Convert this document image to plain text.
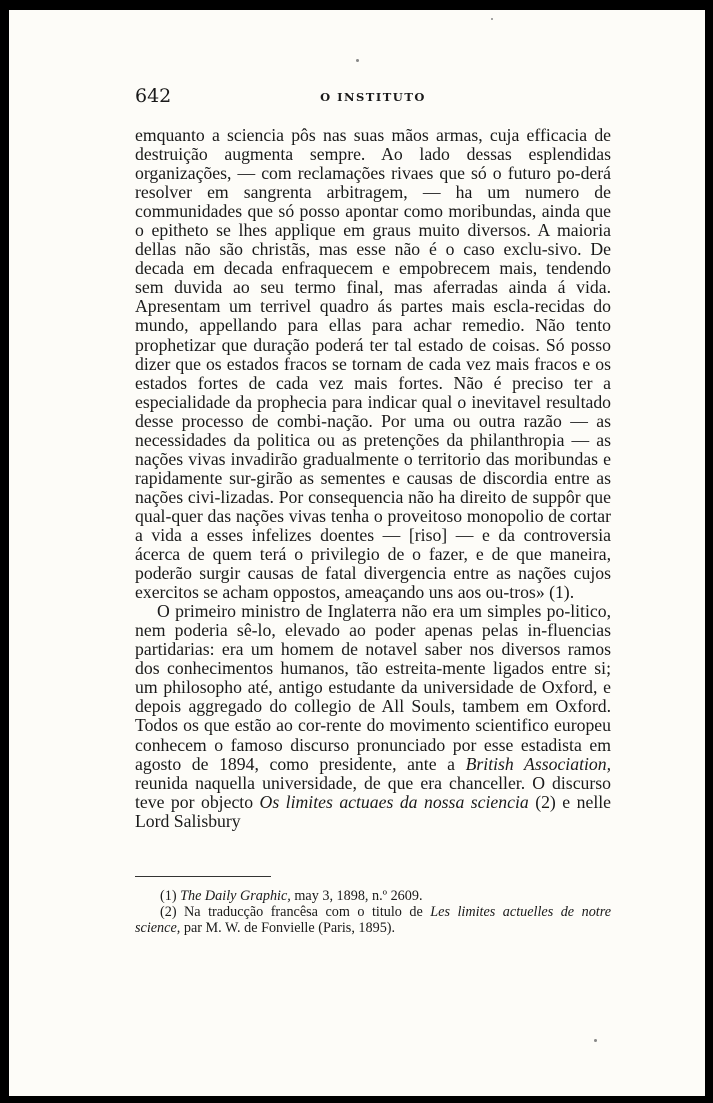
642	O INSTITUTO

emquanto a sciencia pôs nas suas mãos armas, cuja efficacia de destruição augmenta sempre. Ao lado dessas esplendidas organizações, — com reclamações rivaes que só o futuro po-derá resolver em sangrenta arbitragem, — ha um numero de communidades que só posso apontar como moribundas, ainda que o epitheto se lhes applique em graus muito diversos. A maioria dellas não são christãs, mas esse não é o caso exclu-sivo. De decada em decada enfraquecem e empobrecem mais, tendendo sem duvida ao seu termo final, mas aferradas ainda á vida. Apresentam um terrivel quadro ás partes mais escla-recidas do mundo, appellando para ellas para achar remedio. Não tento prophetizar que duração poderá ter tal estado de coisas. Só posso dizer que os estados fracos se tornam de cada vez mais fracos e os estados fortes de cada vez mais fortes. Não é preciso ter a especialidade da prophecia para indicar qual o inevitavel resultado desse processo de combi-nação. Por uma ou outra razão — as necessidades da politica ou as pretenções da philanthropia — as nações vivas invadirão gradualmente o territorio das moribundas e rapidamente sur-girão as sementes e causas de discordia entre as nações civi-lizadas. Por consequencia não ha direito de suppôr que qual-quer das nações vivas tenha o proveitoso monopolio de cortar a vida a esses infelizes doentes — [riso] — e da controversia ácerca de quem terá o privilegio de o fazer, e de que maneira, poderão surgir causas de fatal divergencia entre as nações cujos exercitos se acham oppostos, ameaçando uns aos ou-tros» (1).

O primeiro ministro de Inglaterra não era um simples po-litico, nem poderia sê-lo, elevado ao poder apenas pelas in-fluencias partidarias: era um homem de notavel saber nos diversos ramos dos conhecimentos humanos, tão estreita-mente ligados entre si; um philosopho até, antigo estudante da universidade de Oxford, e depois aggregado do collegio de All Souls, tambem em Oxford. Todos os que estão ao cor-rente do movimento scientifico europeu conhecem o famoso discurso pronunciado por esse estadista em agosto de 1894, como presidente, ante a British Association, reunida naquella universidade, de que era chanceller. O discurso teve por objecto Os limites actuaes da nossa sciencia (2) e nelle Lord Salisbury

(1) The Daily Graphic, may 3, 1898, n.º 2609.

(2) Na traducção francêsa com o titulo de Les limites actuelles de notre science, par M. W. de Fonvielle (Paris, 1895).
